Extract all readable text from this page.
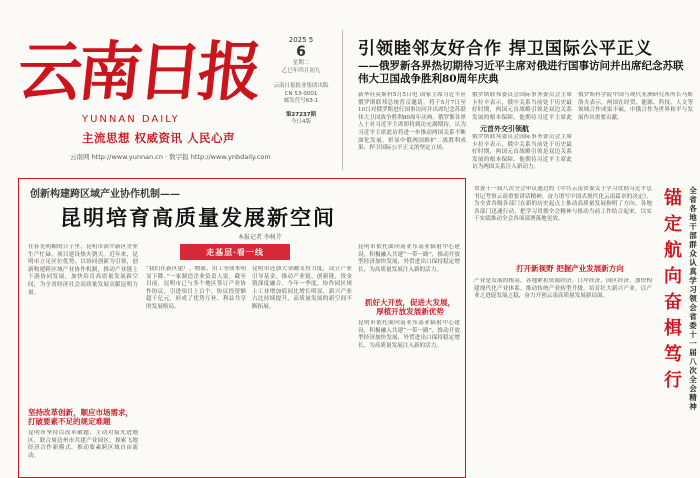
云南日报
YUNNAN DAILY
主流思想 权威资讯 人民心声
云南网 http://www.yunnan.cn · 数字报 http://www.ynbdaily.com
2025 5
6
星期二
乙巳年四月初九
云南日报报业集团出版
CN 53-0001
邮发代号63-1
第27237期
今日4版
引领睦邻友好合作 捍卫国际公平正义
——俄罗新各界热切期待习近平主席对俄进行国事访问并出席纪念苏联伟大卫国战争胜利80周年庆典
新华社莫斯科5月5日电 国家主席习近平应俄罗斯联邦总统普京邀请，将于5月7日至10日对俄罗斯进行国事访问并出席纪念苏联伟大卫国战争胜利80周年庆典。俄罗斯各界人士对习近平主席即将到访充满期待，认为习近平主席此访将进一步推动两国关系不断深化发展，彰显中俄两国维护二战胜利成果、捍卫国际公平正义的坚定立场。
俄罗斯联邦委员会国际事务委员会主席卡拉辛表示，俄中关系当前处于历史最好时期，两国元首战略引领是双边关系发展的根本保障。他期待习近平主席此
元首外交引领航
俄罗斯联邦委员会国际事务委员会主席卡拉辛表示，俄中关系当前处于历史最好时期，两国元首战略引领是双边关系发展的根本保障。他期待习近平主席此访为两国关系注入新动力。
俄罗斯科学院中国与现代亚洲研究所所长马斯洛夫表示，两国在经贸、能源、科技、人文等领域合作成果丰硕，中俄合作为世界和平与发展作出重要贡献。
创新构建跨区域产业协作机制——
昆明培育高质量发展新空间
本报记者 李树芹
走基层·看一线
在春光明媚的日子里，昆明市滇中新区企业生产忙碌，项目建设热火朝天。近年来，昆明市立足区位优势，以协同创新为引领，创新构建跨区域产业协作机制，推动产业链上下游协同发展，加快培育高质量发展新空间，为全省经济社会高质量发展贡献昆明力量。
坚持改革创新，顺应市场需求，打破要素不足的规定难题
昆明市坚持以改革破题，主动对接先进地区，联合周边州市共建产业园区，探索飞地经济合作新模式，推动要素跨区域自由流动。
“我们在新区建厂，物流、用工等成本明显下降。”一家制造企业负责人说。截至目前，昆明市已与多个地区签订产业协作协议，引进项目上百个，协议投资额超千亿元，形成了优势互补、利益共享的发展格局。
昆明市还加大金融支持力度，设立产业引导基金，推动产业链、创新链、资金链深度融合。今年一季度，协作园区规上工业增加值同比增长明显，新兴产业占比持续提升，高质量发展的新空间不断拓展。
昆明市依托面向南亚东南亚辐射中心建设，积极融入共建“一带一路”，推动开放型经济加快发展，外贸进出口保持稳定增长，为高质量发展注入新的活力。
抓好大开放，促进大发展，厚植开放发展新优势
昆明市依托面向南亚东南亚辐射中心建设，积极融入共建“一带一路”，推动开放型经济加快发展，外贸进出口保持稳定增长，为高质量发展注入新的活力。
省委十一届八次全会审议通过的《中共云南省委关于学习贯彻习近平总书记考察云南重要讲话精神，奋力谱写中国式现代化云南篇章的决定》，为全省各级各部门在新的历史起点上推动高质量发展指明了方向。各地各部门迅速行动，把学习贯彻全会精神与推动当前工作结合起来，以实干实绩推动全会各项部署落地见效。
打开新视野 把握产业发展新方向
产业是发展的根基。各地紧扣资源经济、口岸经济、园区经济，加快构建现代化产业体系，推动传统产业转型升级，培育壮大新兴产业，以产业之进促发展之稳，奋力开创云南高质量发展新局面。
锚定航向奋楫笃行
全省各地干部群众认真学习领会省委十一届八次全会精神
